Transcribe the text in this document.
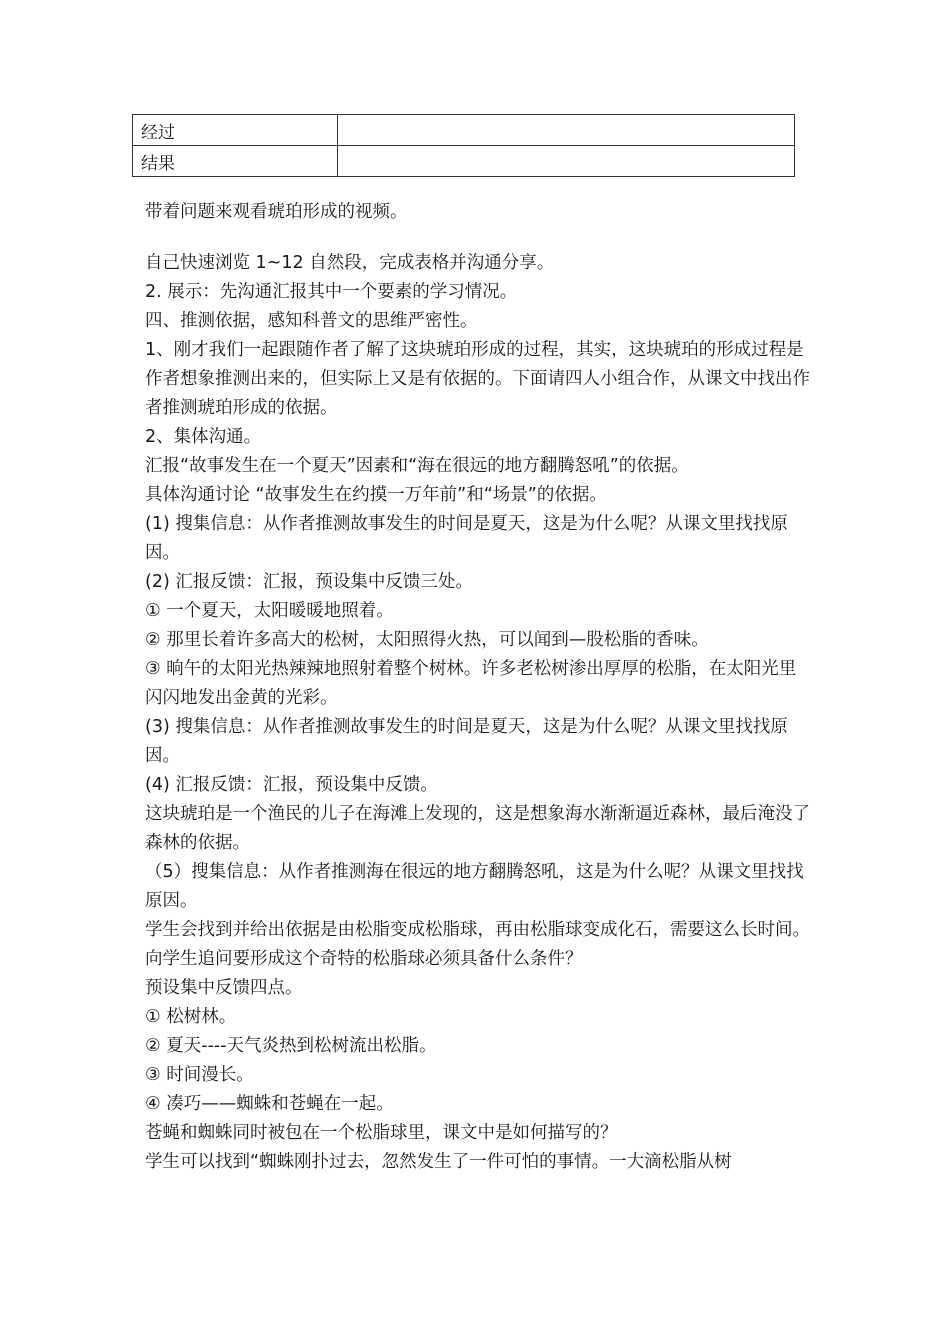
经过	
结果	

带着问题来观看琥珀形成的视频。

自己快速浏览 1~12 自然段，完成表格并沟通分享。

2. 展示：先沟通汇报其中一个要素的学习情况。

四、推测依据，感知科普文的思维严密性。

1、刚才我们一起跟随作者了解了这块琥珀形成的过程，其实，这块琥珀的形成过程是作者想象推测出来的，但实际上又是有依据的。下面请四人小组合作，从课文中找出作者推测琥珀形成的依据。

2、集体沟通。

汇报“故事发生在一个夏天”因素和“海在很远的地方翻腾怒吼”的依据。

具体沟通讨论 “故事发生在约摸一万年前”和“场景”的依据。

(1) 搜集信息：从作者推测故事发生的时间是夏天，这是为什么呢？从课文里找找原因。

(2) 汇报反馈：汇报，预设集中反馈三处。

① 一个夏天，太阳暖暖地照着。

② 那里长着许多高大的松树，太阳照得火热，可以闻到—股松脂的香味。

③ 晌午的太阳光热辣辣地照射着整个树林。许多老松树渗出厚厚的松脂，在太阳光里闪闪地发出金黄的光彩。

(3) 搜集信息：从作者推测故事发生的时间是夏天，这是为什么呢？从课文里找找原因。

(4) 汇报反馈：汇报，预设集中反馈。

这块琥珀是一个渔民的儿子在海滩上发现的，这是想象海水渐渐逼近森林，最后淹没了森林的依据。

（5）搜集信息：从作者推测海在很远的地方翻腾怒吼，这是为什么呢？从课文里找找原因。

学生会找到并给出依据是由松脂变成松脂球，再由松脂球变成化石，需要这么长时间。

向学生追问要形成这个奇特的松脂球必须具备什么条件？

预设集中反馈四点。

① 松树林。

② 夏天----天气炎热到松树流出松脂。

③ 时间漫长。

④ 凑巧——蜘蛛和苍蝇在一起。

苍蝇和蜘蛛同时被包在一个松脂球里，课文中是如何描写的？

学生可以找到“蜘蛛刚扑过去，忽然发生了一件可怕的事情。一大滴松脂从树
